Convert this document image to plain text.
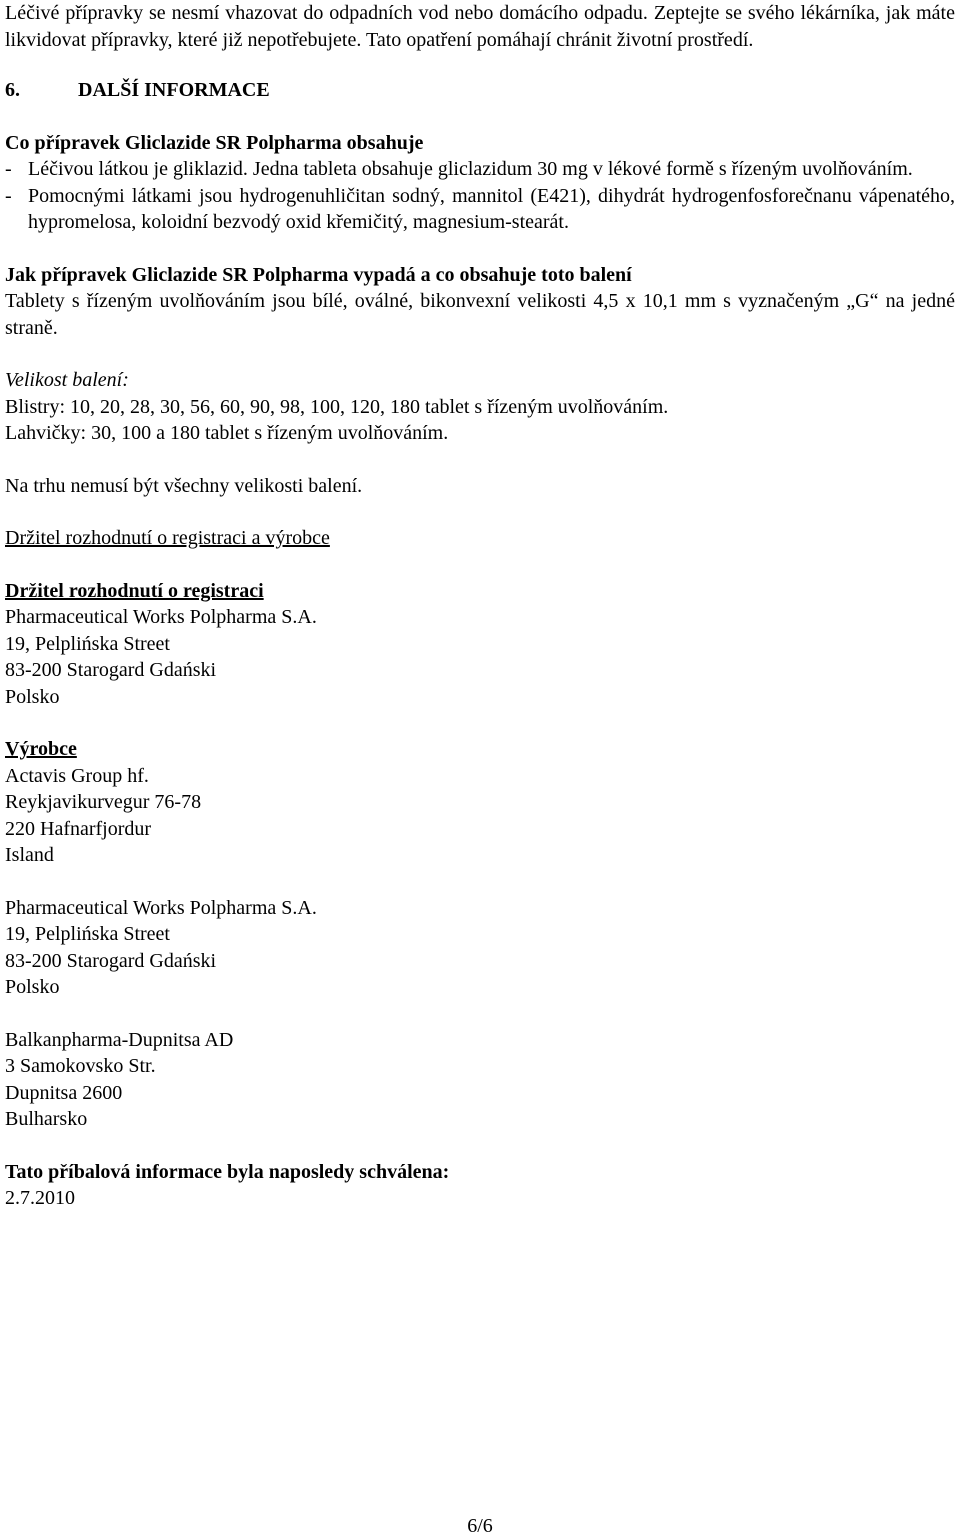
Léčivé přípravky se nesmí vhazovat do odpadních vod nebo domácího odpadu. Zeptejte se svého lékárníka, jak máte likvidovat přípravky, které již nepotřebujete. Tato opatření pomáhají chránit životní prostředí.

6.	DALŠÍ INFORMACE

Co přípravek Gliclazide SR Polpharma obsahuje

- Léčivou látkou je gliklazid. Jedna tableta obsahuje gliclazidum 30 mg v lékové formě s řízeným uvolňováním.
- Pomocnými látkami jsou hydrogenuhličitan sodný, mannitol (E421), dihydrát hydrogenfosforečnanu vápenatého, hypromelosa, koloidní bezvodý oxid křemičitý, magnesium-stearát.

Jak přípravek Gliclazide SR Polpharma vypadá a co obsahuje toto balení

Tablety s řízeným uvolňováním jsou bílé, oválné, bikonvexní velikosti 4,5 x 10,1 mm s vyznačeným „G“ na jedné straně.

Velikost balení:

Blistry: 10, 20, 28, 30, 56, 60, 90, 98, 100, 120, 180 tablet s řízeným uvolňováním.

Lahvičky: 30, 100 a 180 tablet s řízeným uvolňováním.

Na trhu nemusí být všechny velikosti balení.

Držitel rozhodnutí o registraci a výrobce

Držitel rozhodnutí o registraci

Pharmaceutical Works Polpharma S.A.

19, Pelplińska Street

83-200 Starogard Gdański

Polsko

Výrobce

Actavis Group hf.

Reykjavikurvegur 76-78

220 Hafnarfjordur

Island

Pharmaceutical Works Polpharma S.A.

19, Pelplińska Street

83-200 Starogard Gdański

Polsko

Balkanpharma-Dupnitsa AD

3 Samokovsko Str.

Dupnitsa 2600

Bulharsko

Tato příbalová informace byla naposledy schválena:

2.7.2010

6/6
